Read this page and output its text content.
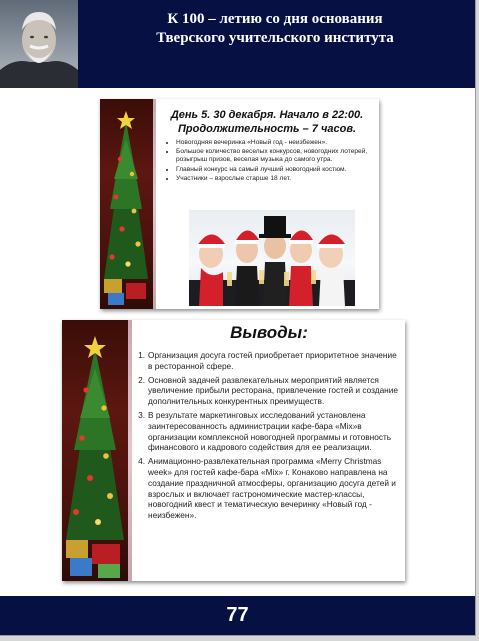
К 100 – летию со дня основания
Тверского учительского института
День 5. 30 декабря. Начало в 22:00.
Продолжительность – 7 часов.
• Новогодняя вечеринка «Новый год - неизбежен».
• Большое количество веселых конкурсов, новогодних лотерей, розыгрыш призов, веселая музыка до самого утра.
• Главный конкурс на самый лучший новогодний костюм.
• Участники – взрослые старше 18 лет.
Выводы:
1. Организация досуга гостей приобретает приоритетное значение в ресторанной сфере.
2. Основной задачей развлекательных мероприятий является увеличение прибыли ресторана, привлечение гостей и создание дополнительных конкурентных преимуществ.
3. В результате маркетинговых исследований установлена заинтересованность администрации кафе-бара «Mix»в организации комплексной новогодней программы и готовность финансового и кадрового содействия для ее реализации.
4. Анимационно-развлекательная программа «Merry Christmas week» для гостей кафе-бара «Mix» г. Конаково направлена на создание праздничной атмосферы, организацию досуга детей и взрослых и включает гастрономические мастер-классы, новогодний квест и тематическую вечеринку «Новый год - неизбежен».
77
